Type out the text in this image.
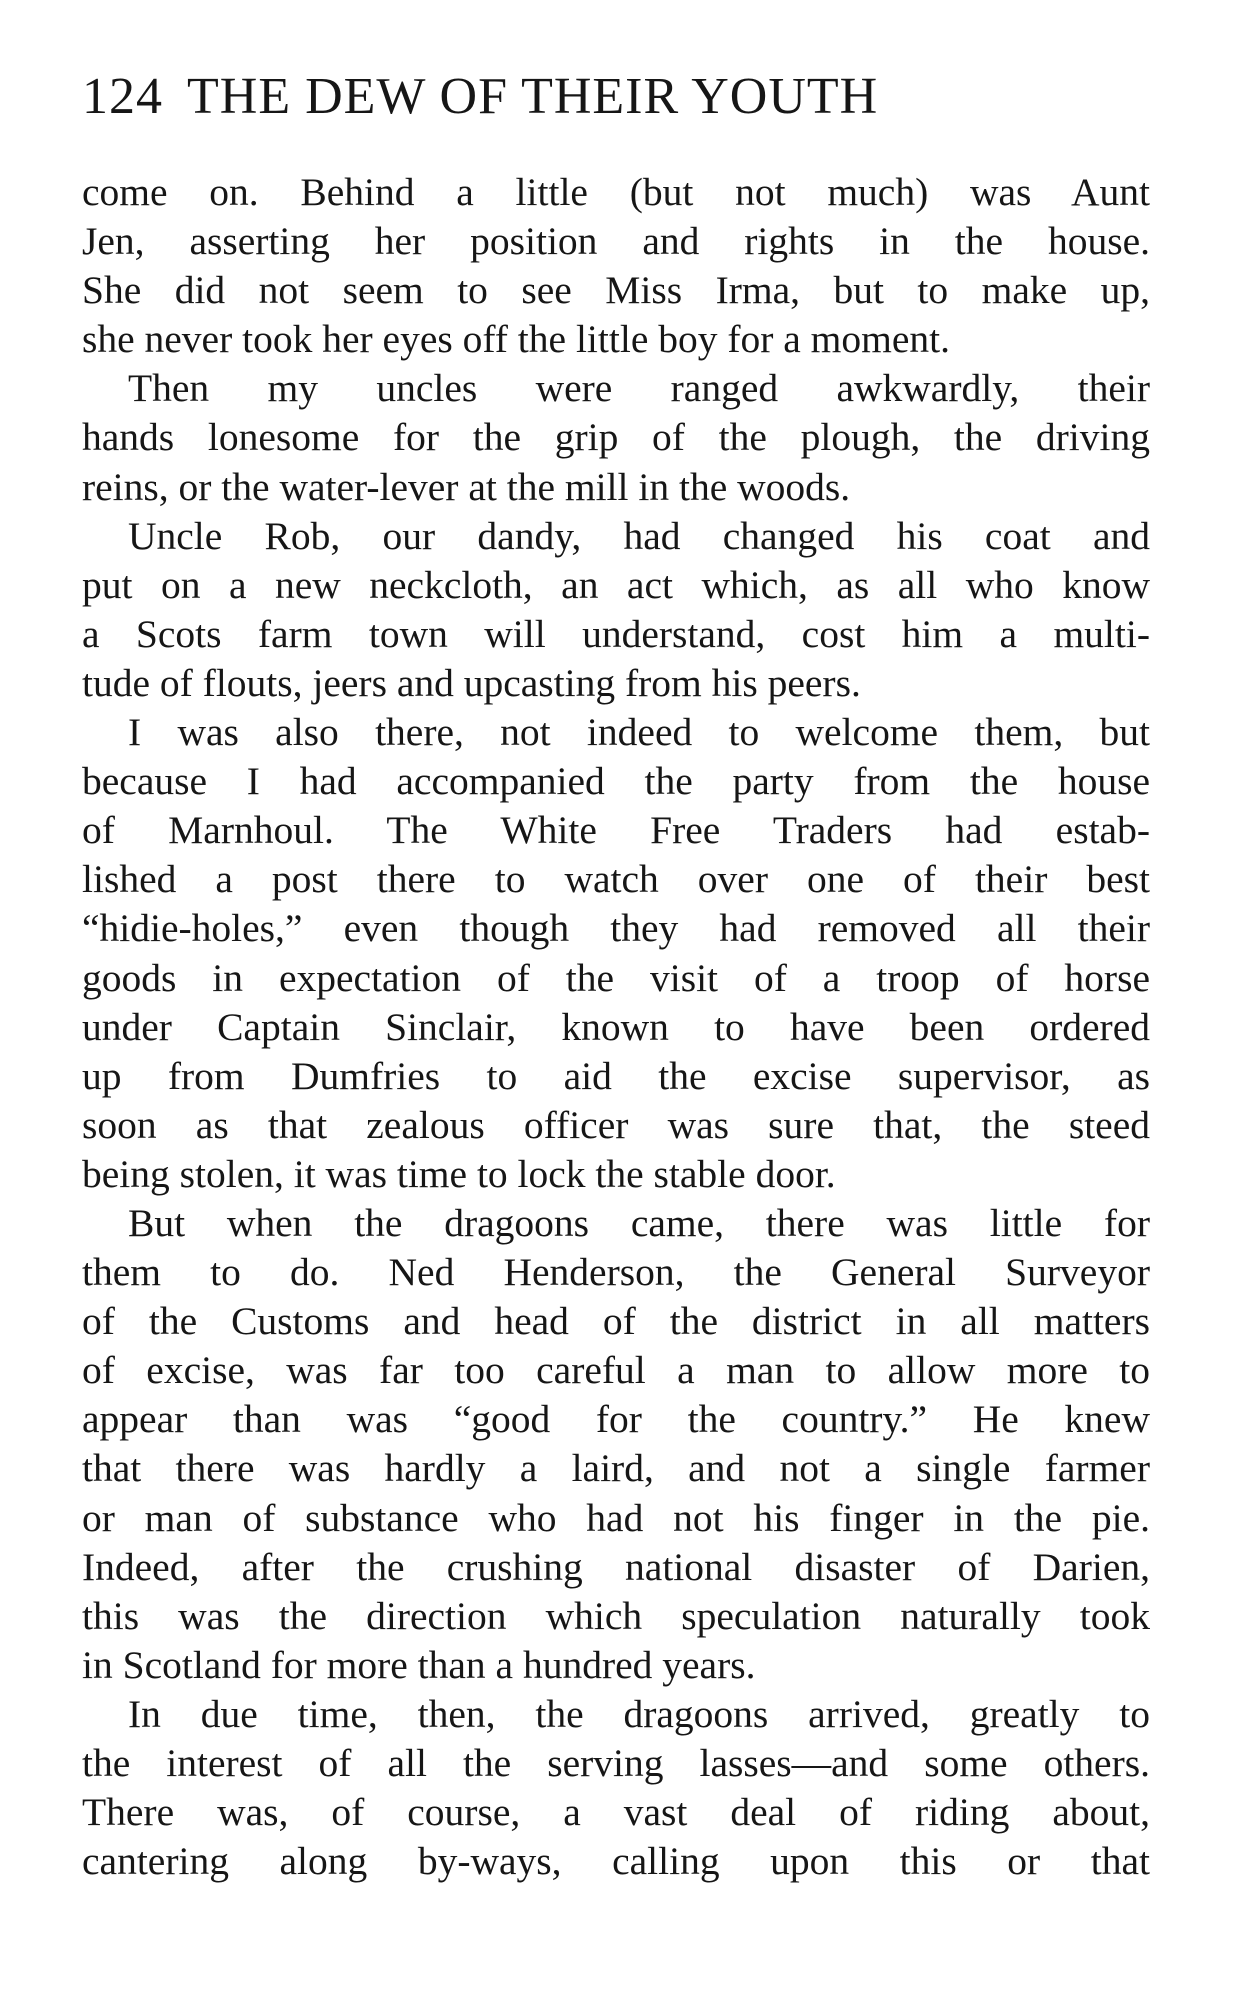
124 THE DEW OF THEIR YOUTH
come on. Behind a little (but not much) was Aunt
Jen, asserting her position and rights in the house.
She did not seem to see Miss Irma, but to make up,
she never took her eyes off the little boy for a moment.
Then my uncles were ranged awkwardly, their
hands lonesome for the grip of the plough, the driving
reins, or the water-lever at the mill in the woods.
Uncle Rob, our dandy, had changed his coat and
put on a new neckcloth, an act which, as all who know
a Scots farm town will understand, cost him a multi-
tude of flouts, jeers and upcasting from his peers.
I was also there, not indeed to welcome them, but
because I had accompanied the party from the house
of Marnhoul. The White Free Traders had estab-
lished a post there to watch over one of their best
“hidie-holes,” even though they had removed all their
goods in expectation of the visit of a troop of horse
under Captain Sinclair, known to have been ordered
up from Dumfries to aid the excise supervisor, as
soon as that zealous officer was sure that, the steed
being stolen, it was time to lock the stable door.
But when the dragoons came, there was little for
them to do. Ned Henderson, the General Surveyor
of the Customs and head of the district in all matters
of excise, was far too careful a man to allow more to
appear than was “good for the country.” He knew
that there was hardly a laird, and not a single farmer
or man of substance who had not his finger in the pie.
Indeed, after the crushing national disaster of Darien,
this was the direction which speculation naturally took
in Scotland for more than a hundred years.
In due time, then, the dragoons arrived, greatly to
the interest of all the serving lasses—and some others.
There was, of course, a vast deal of riding about,
cantering along by-ways, calling upon this or that
